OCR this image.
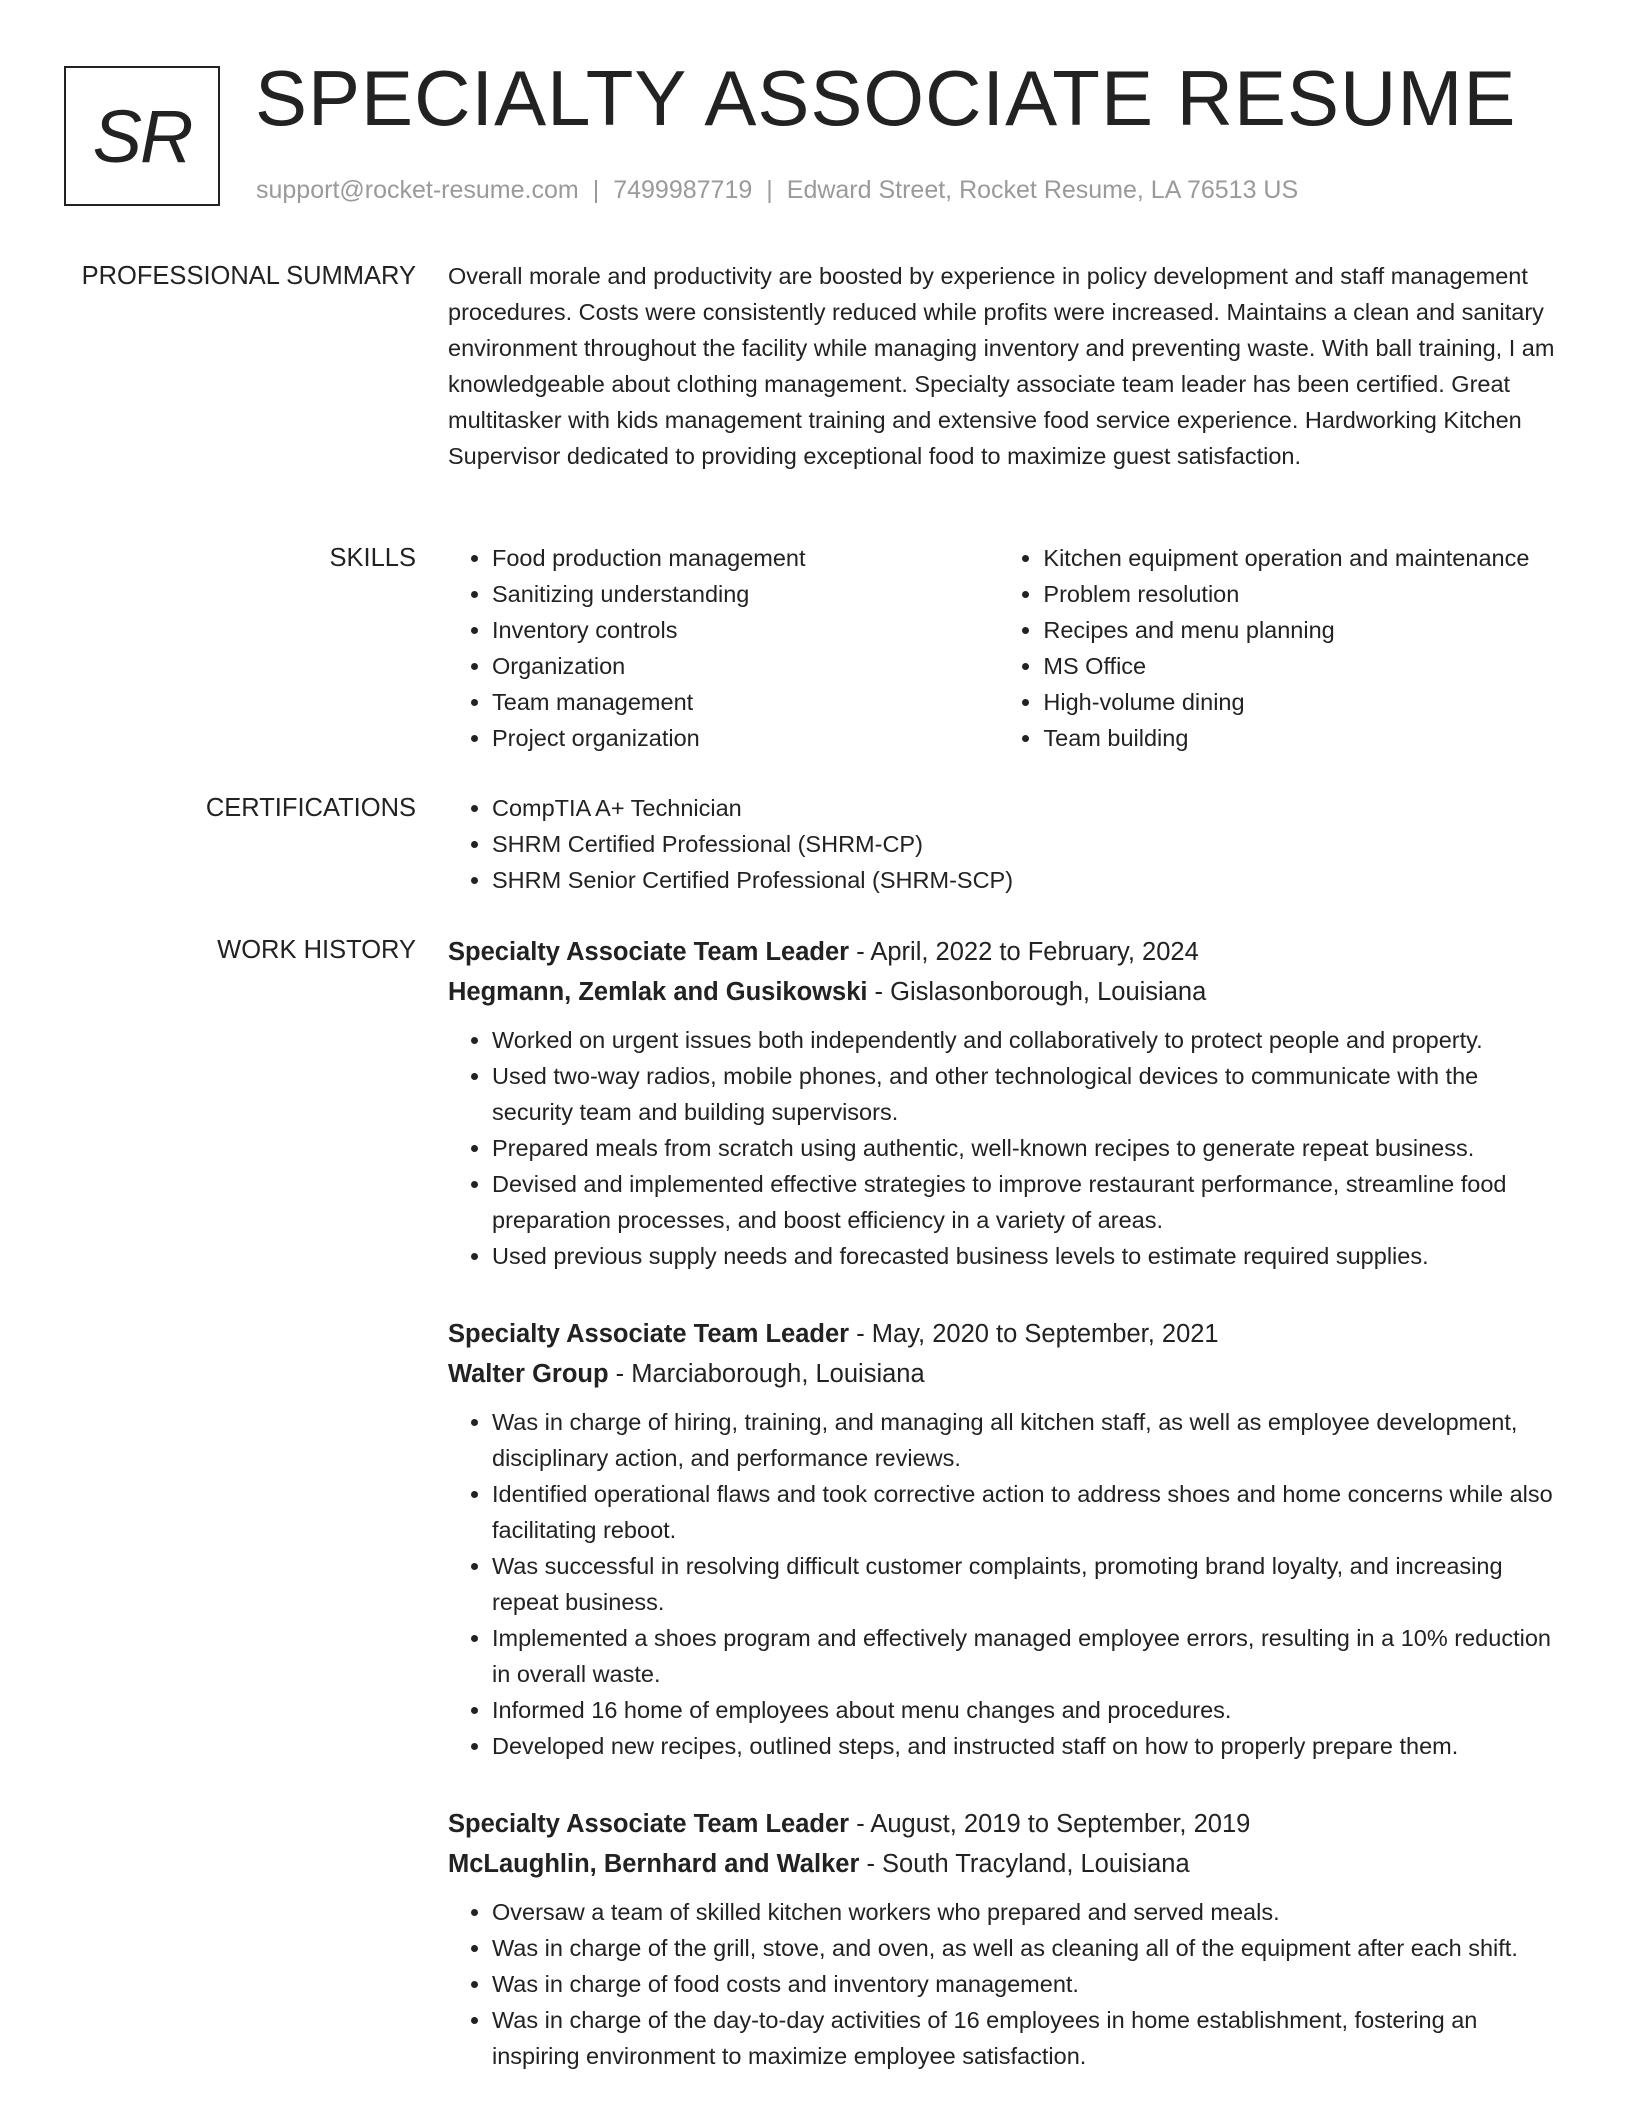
SR SPECIALTY ASSOCIATE RESUME
support@rocket-resume.com | 7499987719 | Edward Street, Rocket Resume, LA 76513 US
PROFESSIONAL SUMMARY Overall morale and productivity are boosted by experience in policy development and staff management procedures. Costs were consistently reduced while profits were increased. Maintains a clean and sanitary environment throughout the facility while managing inventory and preventing waste. With ball training, I am knowledgeable about clothing management. Specialty associate team leader has been certified. Great multitasker with kids management training and extensive food service experience. Hardworking Kitchen Supervisor dedicated to providing exceptional food to maximize guest satisfaction.
SKILLS	• Food production management
• Sanitizing understanding
• Inventory controls
• Organization
• Team management
• Project organization
• Kitchen equipment operation and maintenance
• Problem resolution
• Recipes and menu planning
• MS Office
• High-volume dining
• Team building
CERTIFICATIONS	• CompTIA A+ Technician
• SHRM Certified Professional (SHRM-CP)
• SHRM Senior Certified Professional (SHRM-SCP)
WORK HISTORY Specialty Associate Team Leader - April, 2022 to February, 2024
Hegmann, Zemlak and Gusikowski - Gislasonborough, Louisiana
• Worked on urgent issues both independently and collaboratively to protect people and property.
• Used two-way radios, mobile phones, and other technological devices to communicate with the security team and building supervisors.
• Prepared meals from scratch using authentic, well-known recipes to generate repeat business.
• Devised and implemented effective strategies to improve restaurant performance, streamline food preparation processes, and boost efficiency in a variety of areas.
• Used previous supply needs and forecasted business levels to estimate required supplies.
Specialty Associate Team Leader - May, 2020 to September, 2021
Walter Group - Marciaborough, Louisiana
• Was in charge of hiring, training, and managing all kitchen staff, as well as employee development, disciplinary action, and performance reviews.
• Identified operational flaws and took corrective action to address shoes and home concerns while also facilitating reboot.
• Was successful in resolving difficult customer complaints, promoting brand loyalty, and increasing repeat business.
• Implemented a shoes program and effectively managed employee errors, resulting in a 10% reduction in overall waste.
• Informed 16 home of employees about menu changes and procedures.
• Developed new recipes, outlined steps, and instructed staff on how to properly prepare them.
Specialty Associate Team Leader - August, 2019 to September, 2019
McLaughlin, Bernhard and Walker - South Tracyland, Louisiana
• Oversaw a team of skilled kitchen workers who prepared and served meals.
• Was in charge of the grill, stove, and oven, as well as cleaning all of the equipment after each shift.
• Was in charge of food costs and inventory management.
• Was in charge of the day-to-day activities of 16 employees in home establishment, fostering an inspiring environment to maximize employee satisfaction.
